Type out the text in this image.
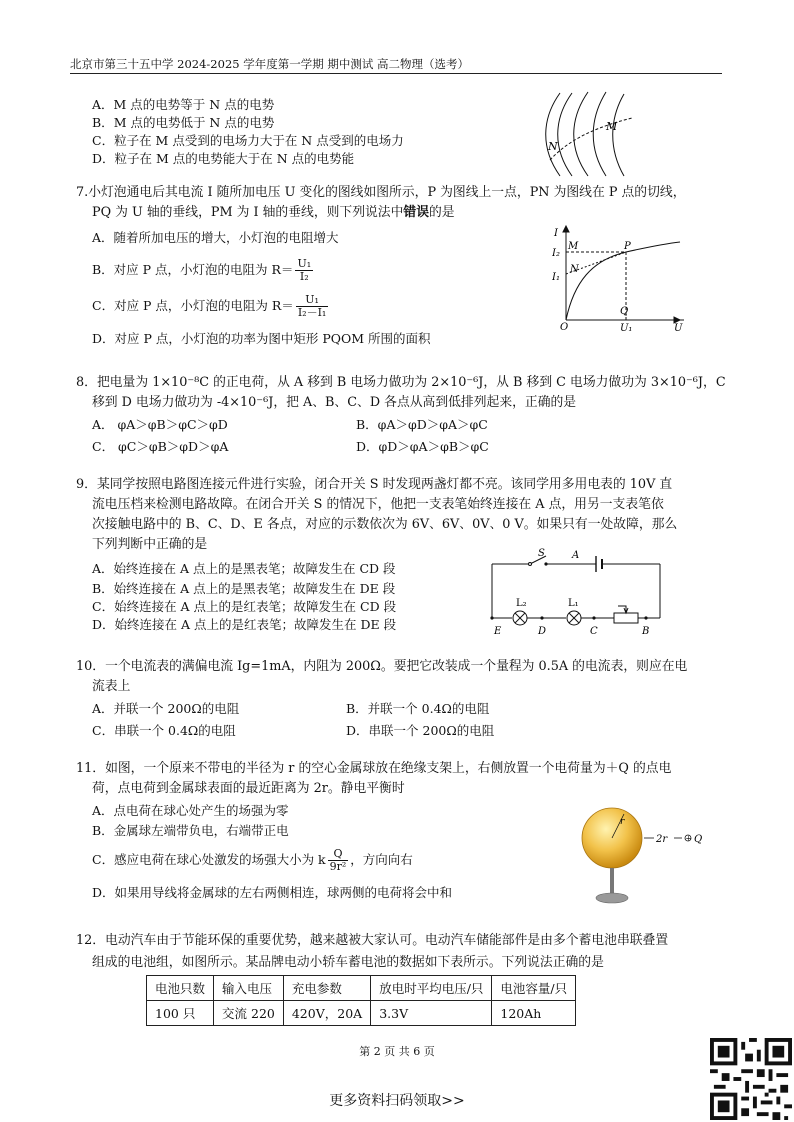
北京市第三十五中学 2024-2025 学年度第一学期 期中测试 高二物理（选考）
A．M 点的电势等于 N 点的电势
B．M 点的电势低于 N 点的电势
C．粒子在 M 点受到的电场力大于在 N 点受到的电场力
D．粒子在 M 点的电势能大于在 N 点的电势能
M
N
7.小灯泡通电后其电流 I 随所加电压 U 变化的图线如图所示，P 为图线上一点，PN 为图线在 P 点的切线，
PQ 为 U 轴的垂线，PM 为 I 轴的垂线，则下列说法中错误的是
A．随着所加电压的增大，小灯泡的电阻增大
B．对应 P 点，小灯泡的电阻为 $R= \frac{\text{U₁}}{\text{I₂}}$
C．对应 P 点，小灯泡的电阻为 $R= \frac{\text{U₁}}{\text{I₂－I₁}}$
D．对应 P 点，小灯泡的功率为图中矩形 PQOM 所围的面积
I
I₂
M	P
N
I₁
O
Q
U₁	U
8．把电量为 1×10⁻⁸C 的正电荷，从 A 移到 B 电场力做功为 2×10⁻⁶J，从 B 移到 C 电场力做功为 3×10⁻⁶J，C
移到 D 电场力做功为 -4×10⁻⁶J，把 A、B、C、D 各点从高到低排列起来，正确的是
A． φA＞φB＞φC＞φD	B．φA＞φD＞φA＞φC
C． φC＞φB＞φD＞φA	D．φD＞φA＞φB＞φC
9．某同学按照电路图连接元件进行实验，闭合开关 S 时发现两盏灯都不亮。该同学用多用电表的 10V 直
流电压档来检测电路故障。在闭合开关 S 的情况下，他把一支表笔始终连接在 A 点，用另一支表笔依
次接触电路中的 B、C、D、E 各点，对应的示数依次为 6V、6V、0V、0 V。如果只有一处故障，那么
下列判断中正确的是
A．始终连接在 A 点上的是黑表笔；故障发生在 CD 段
B．始终连接在 A 点上的是黑表笔；故障发生在 DE 段
C．始终连接在 A 点上的是红表笔；故障发生在 CD 段
D．始终连接在 A 点上的是红表笔；故障发生在 DE 段
S	A
L₂	L₁
E	D	C	B
10．一个电流表的满偏电流 Ig=1mA，内阻为 200Ω。要把它改装成一个量程为 0.5A 的电流表，则应在电
流表上
A．并联一个 200Ω的电阻	B．并联一个 0.4Ω的电阻
C．串联一个 0.4Ω的电阻	D．串联一个 200Ω的电阻
11．如图，一个原来不带电的半径为 r 的空心金属球放在绝缘支架上，右侧放置一个电荷量为＋Q 的点电
荷，点电荷到金属球表面的最近距离为 2r。静电平衡时
A．点电荷在球心处产生的场强为零
B．金属球左端带负电，右端带正电
C．感应电荷在球心处激发的场强大小为 k $\frac{Q}{\text{9r²}}$ ，方向向右
D．如果用导线将金属球的左右两侧相连，球两侧的电荷将会中和
r
2r	+ Q
12．电动汽车由于节能环保的重要优势，越来越被大家认可。电动汽车储能部件是由多个蓄电池串联叠置
组成的电池组，如图所示。某品牌电动小轿车蓄电池的数据如下表所示。下列说法正确的是
电池只数	输入电压	充电参数	放电时平均电压/只	电池容量/只
100 只	交流 220	420V，20A	3.3V	120Ah
第 2 页 共 6 页
更多资料扫码领取>>
